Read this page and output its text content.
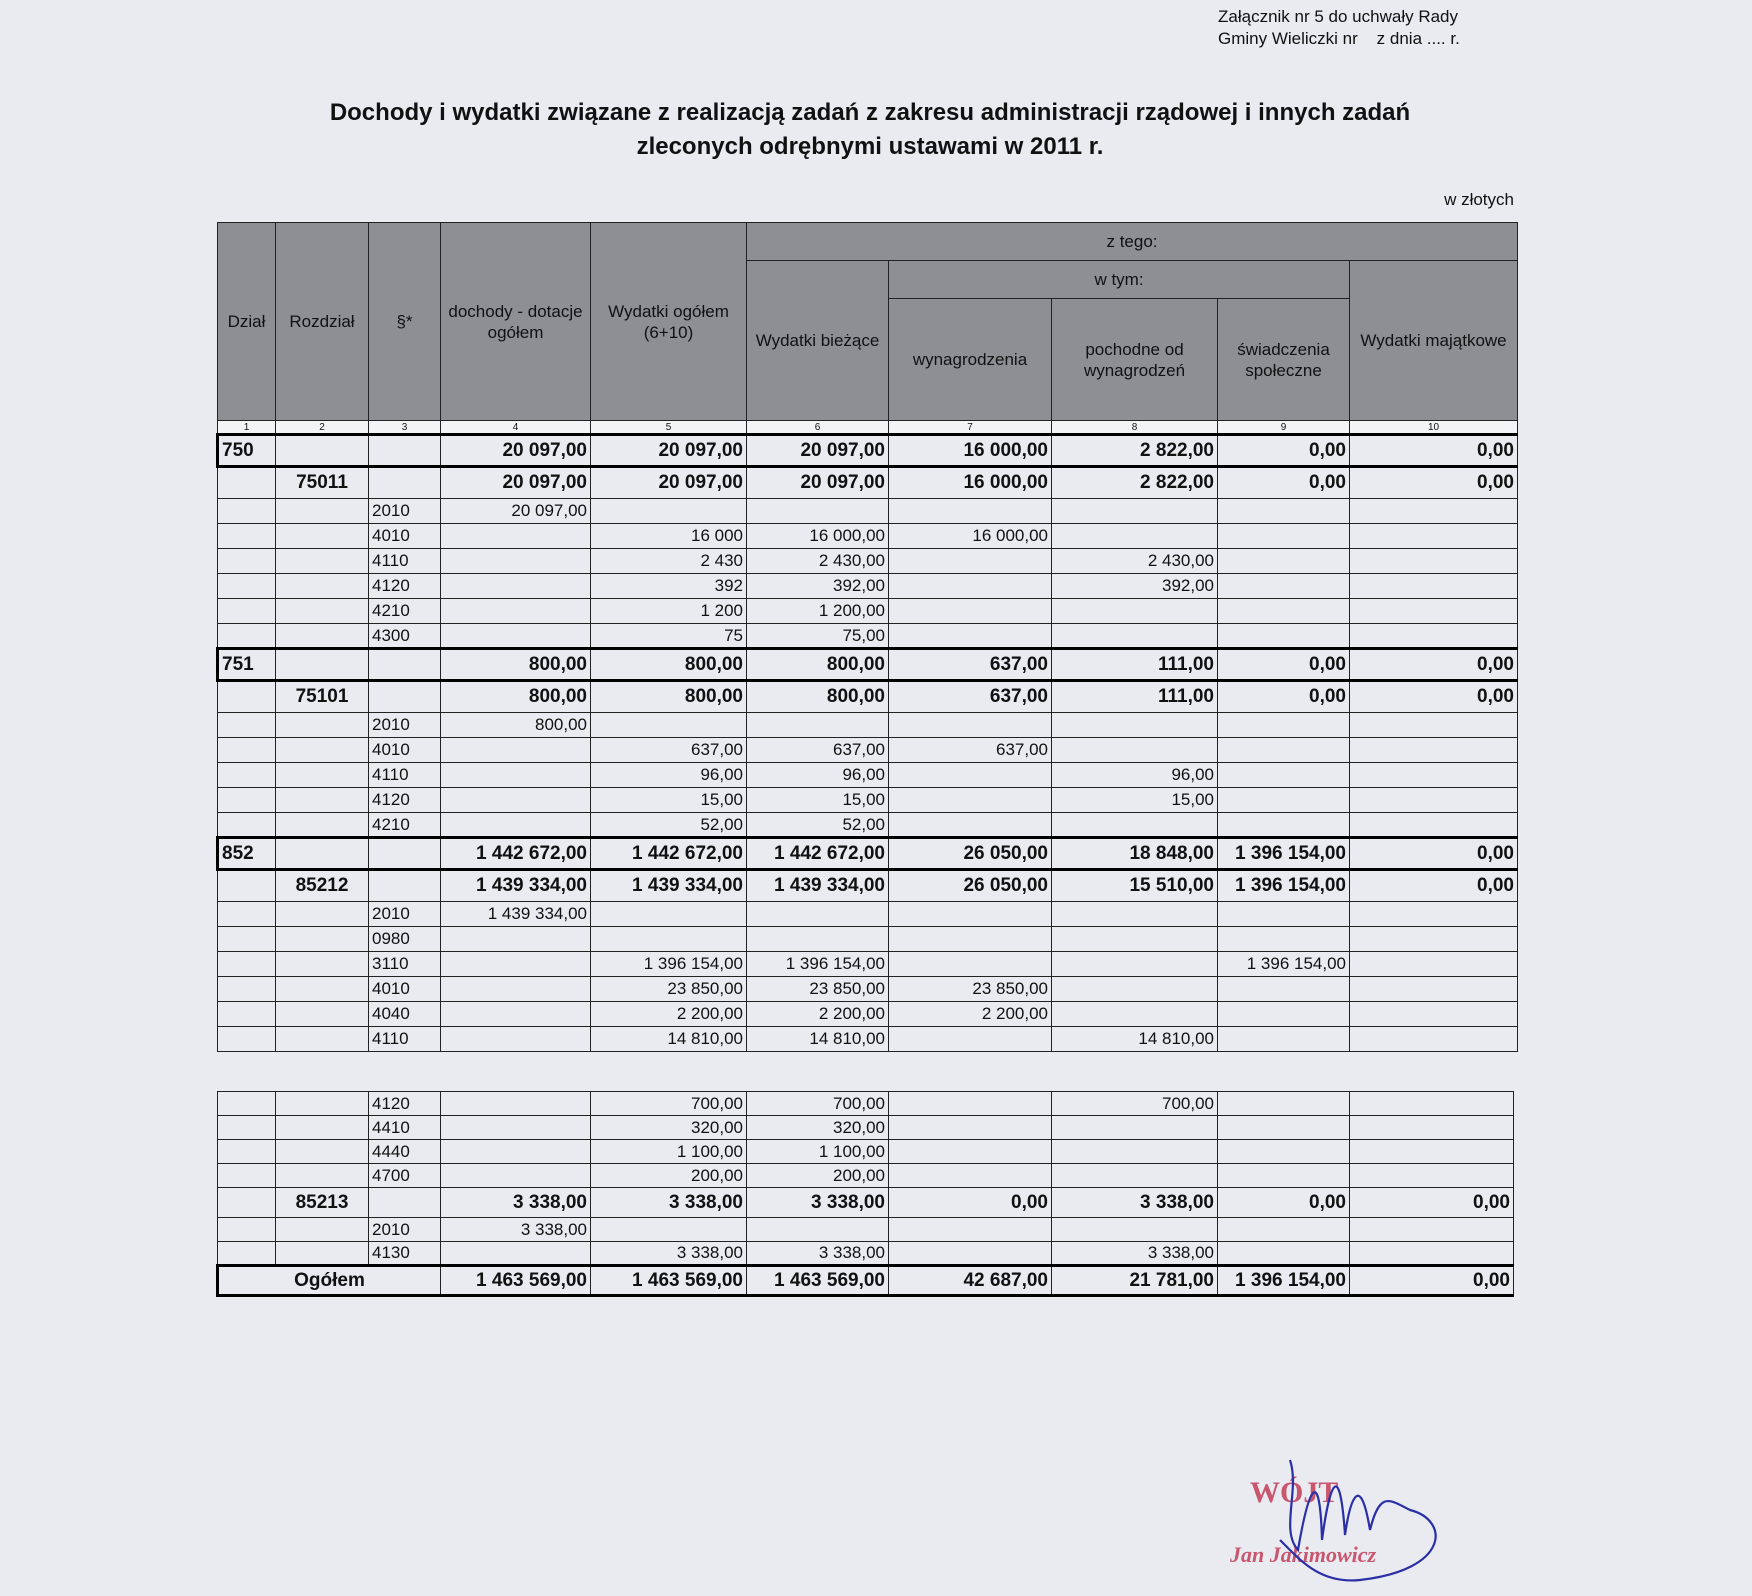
Załącznik nr 5 do uchwały Rady
Gminy Wieliczki nr    z dnia .... r.
Dochody i wydatki związane z realizacją zadań z zakresu administracji rządowej i innych zadań
zleconych odrębnymi ustawami w 2011 r.
w złotych
Dział	Rozdział	§*	dochody - dotacje ogółem	Wydatki ogółem (6+10)	z tego:				
					Wydatki bieżące	w tym:			Wydatki majątkowe
						wynagrodzenia	pochodne od wynagrodzeń	świadczenia społeczne	
1	2	3	4	5	6	7	8	9	10
750			20 097,00	20 097,00	20 097,00	16 000,00	2 822,00	0,00	0,00
	75011		20 097,00	20 097,00	20 097,00	16 000,00	2 822,00	0,00	0,00
		2010	20 097,00						
		4010		16 000	16 000,00	16 000,00			
		4110		2 430	2 430,00		2 430,00		
		4120		392	392,00		392,00		
		4210		1 200	1 200,00				
		4300		75	75,00				
751			800,00	800,00	800,00	637,00	111,00	0,00	0,00
	75101		800,00	800,00	800,00	637,00	111,00	0,00	0,00
		2010	800,00						
		4010		637,00	637,00	637,00			
		4110		96,00	96,00		96,00		
		4120		15,00	15,00		15,00		
		4210		52,00	52,00				
852			1 442 672,00	1 442 672,00	1 442 672,00	26 050,00	18 848,00	1 396 154,00	0,00
	85212		1 439 334,00	1 439 334,00	1 439 334,00	26 050,00	15 510,00	1 396 154,00	0,00
		2010	1 439 334,00						
		0980							
		3110		1 396 154,00	1 396 154,00			1 396 154,00	
		4010		23 850,00	23 850,00	23 850,00			
		4040		2 200,00	2 200,00	2 200,00			
		4110		14 810,00	14 810,00		14 810,00		
		4120		700,00	700,00		700,00		
		4410		320,00	320,00				
		4440		1 100,00	1 100,00				
		4700		200,00	200,00				
	85213		3 338,00	3 338,00	3 338,00	0,00	3 338,00	0,00	0,00
		2010	3 338,00						
		4130		3 338,00	3 338,00		3 338,00		
Ogółem			1 463 569,00	1 463 569,00	1 463 569,00	42 687,00	21 781,00	1 396 154,00	0,00
WÓJT
Jan Jakimowicz
